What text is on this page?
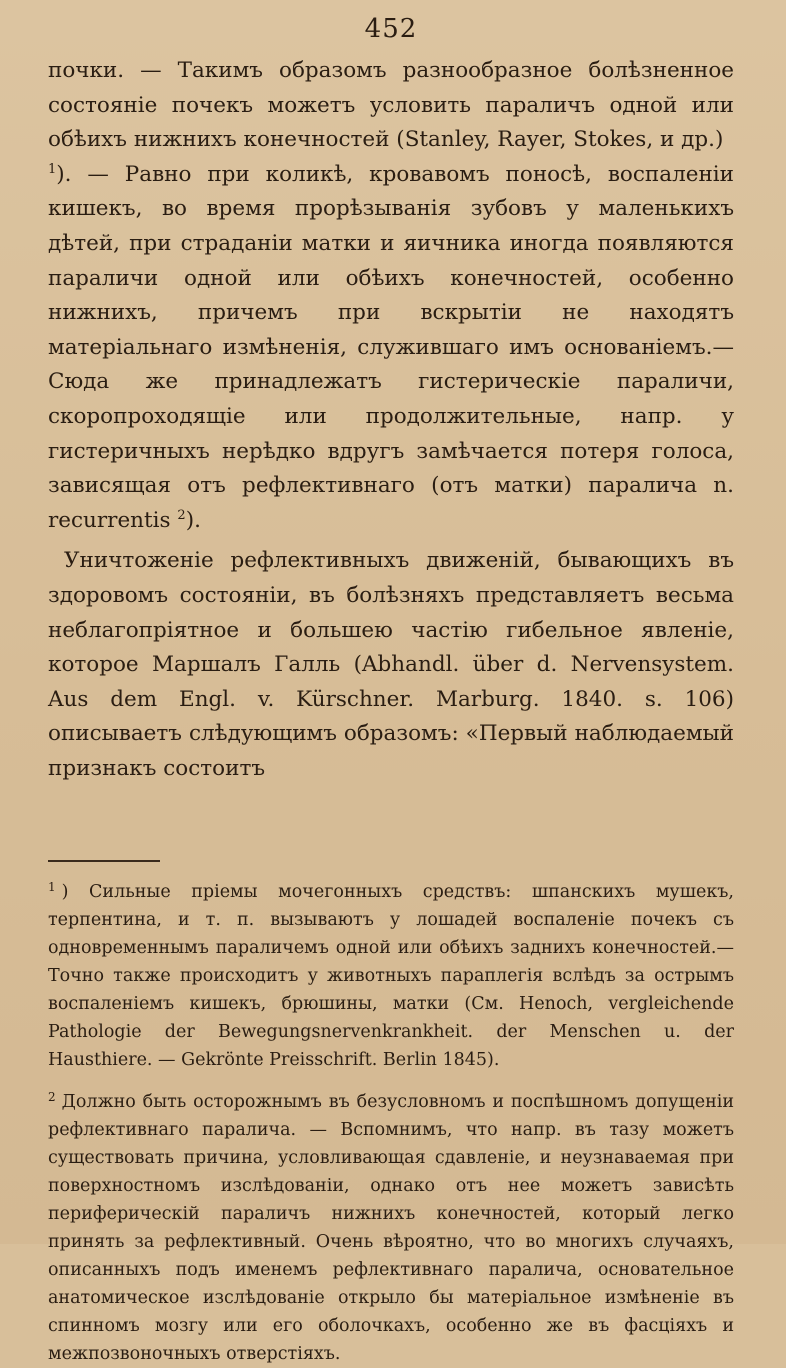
452

почки. — Такимъ образомъ разнообразное болѣзненное состояніе почекъ можетъ условить параличъ одной или обѣихъ нижнихъ конечностей (Stanley, Rayer, Stokes, и др.)
$^1$). — Равно при коликѣ, кровавомъ поносѣ, воспаленіи кишекъ, во время прорѣзыванія зубовъ у маленькихъ дѣтей, при страданіи матки и яичника иногда появляются параличи одной или обѣихъ конечностей, особенно нижнихъ, причемъ при вскрытіи не находятъ матеріальнаго измѣненія, служившаго имъ основаніемъ.—Сюда же принадлежатъ гистерическіе параличи, скоропроходящіе или продолжительные, напр. у гистеричныхъ нерѣдко вдругъ замѣчается потеря голоса, зависящая отъ рефлективнаго (отъ матки) паралича n. recurrentis $^2$).

Уничтоженіе рефлективныхъ движеній, бывающихъ въ здоровомъ состояніи, въ болѣзняхъ представляетъ весьма неблагопріятное и большею частію гибельное явленіе, которое Маршалъ Галль (Abhandl. über d. Nervensystem. Aus dem Engl. v. Kürschner. Marburg. 1840. s. 106) описываетъ слѣдующимъ образомъ: «Первый наблюдаемый признакъ состоитъ

$^1$ ) Сильные пріемы мочегонныхъ средствъ: шпанскихъ мушекъ, терпентина, и т. п. вызываютъ у лошадей воспаленіе почекъ съ одновременнымъ параличемъ одной или обѣихъ заднихъ конечностей.— Точно также происходитъ у животныхъ параплегія вслѣдъ за острымъ воспаленіемъ кишекъ, брюшины, матки (См. Henoch, vergleichende Pathologie der Bewegungsnervenkrankheit. der Menschen u. der Hausthiere. — Gekrönte Preisschrift. Berlin 1845).

$^2$ Должно быть осторожнымъ въ безусловномъ и поспѣшномъ допущеніи рефлективнаго паралича. — Вспомнимъ, что напр. въ тазу можетъ существовать причина, условливающая сдавленіе, и неузнаваемая при поверхностномъ изслѣдованіи, однако отъ нее можетъ зависѣть периферическій параличъ нижнихъ конечностей, который легко принять за рефлективный. Очень вѣроятно, что во многихъ случаяхъ, описанныхъ подъ именемъ рефлективнаго паралича, основательное анатомическое изслѣдованіе открыло бы матеріальное измѣненіе въ спинномъ мозгу или его оболочкахъ, особенно же въ фасціяхъ и межпозвоночныхъ отверстіяхъ.
